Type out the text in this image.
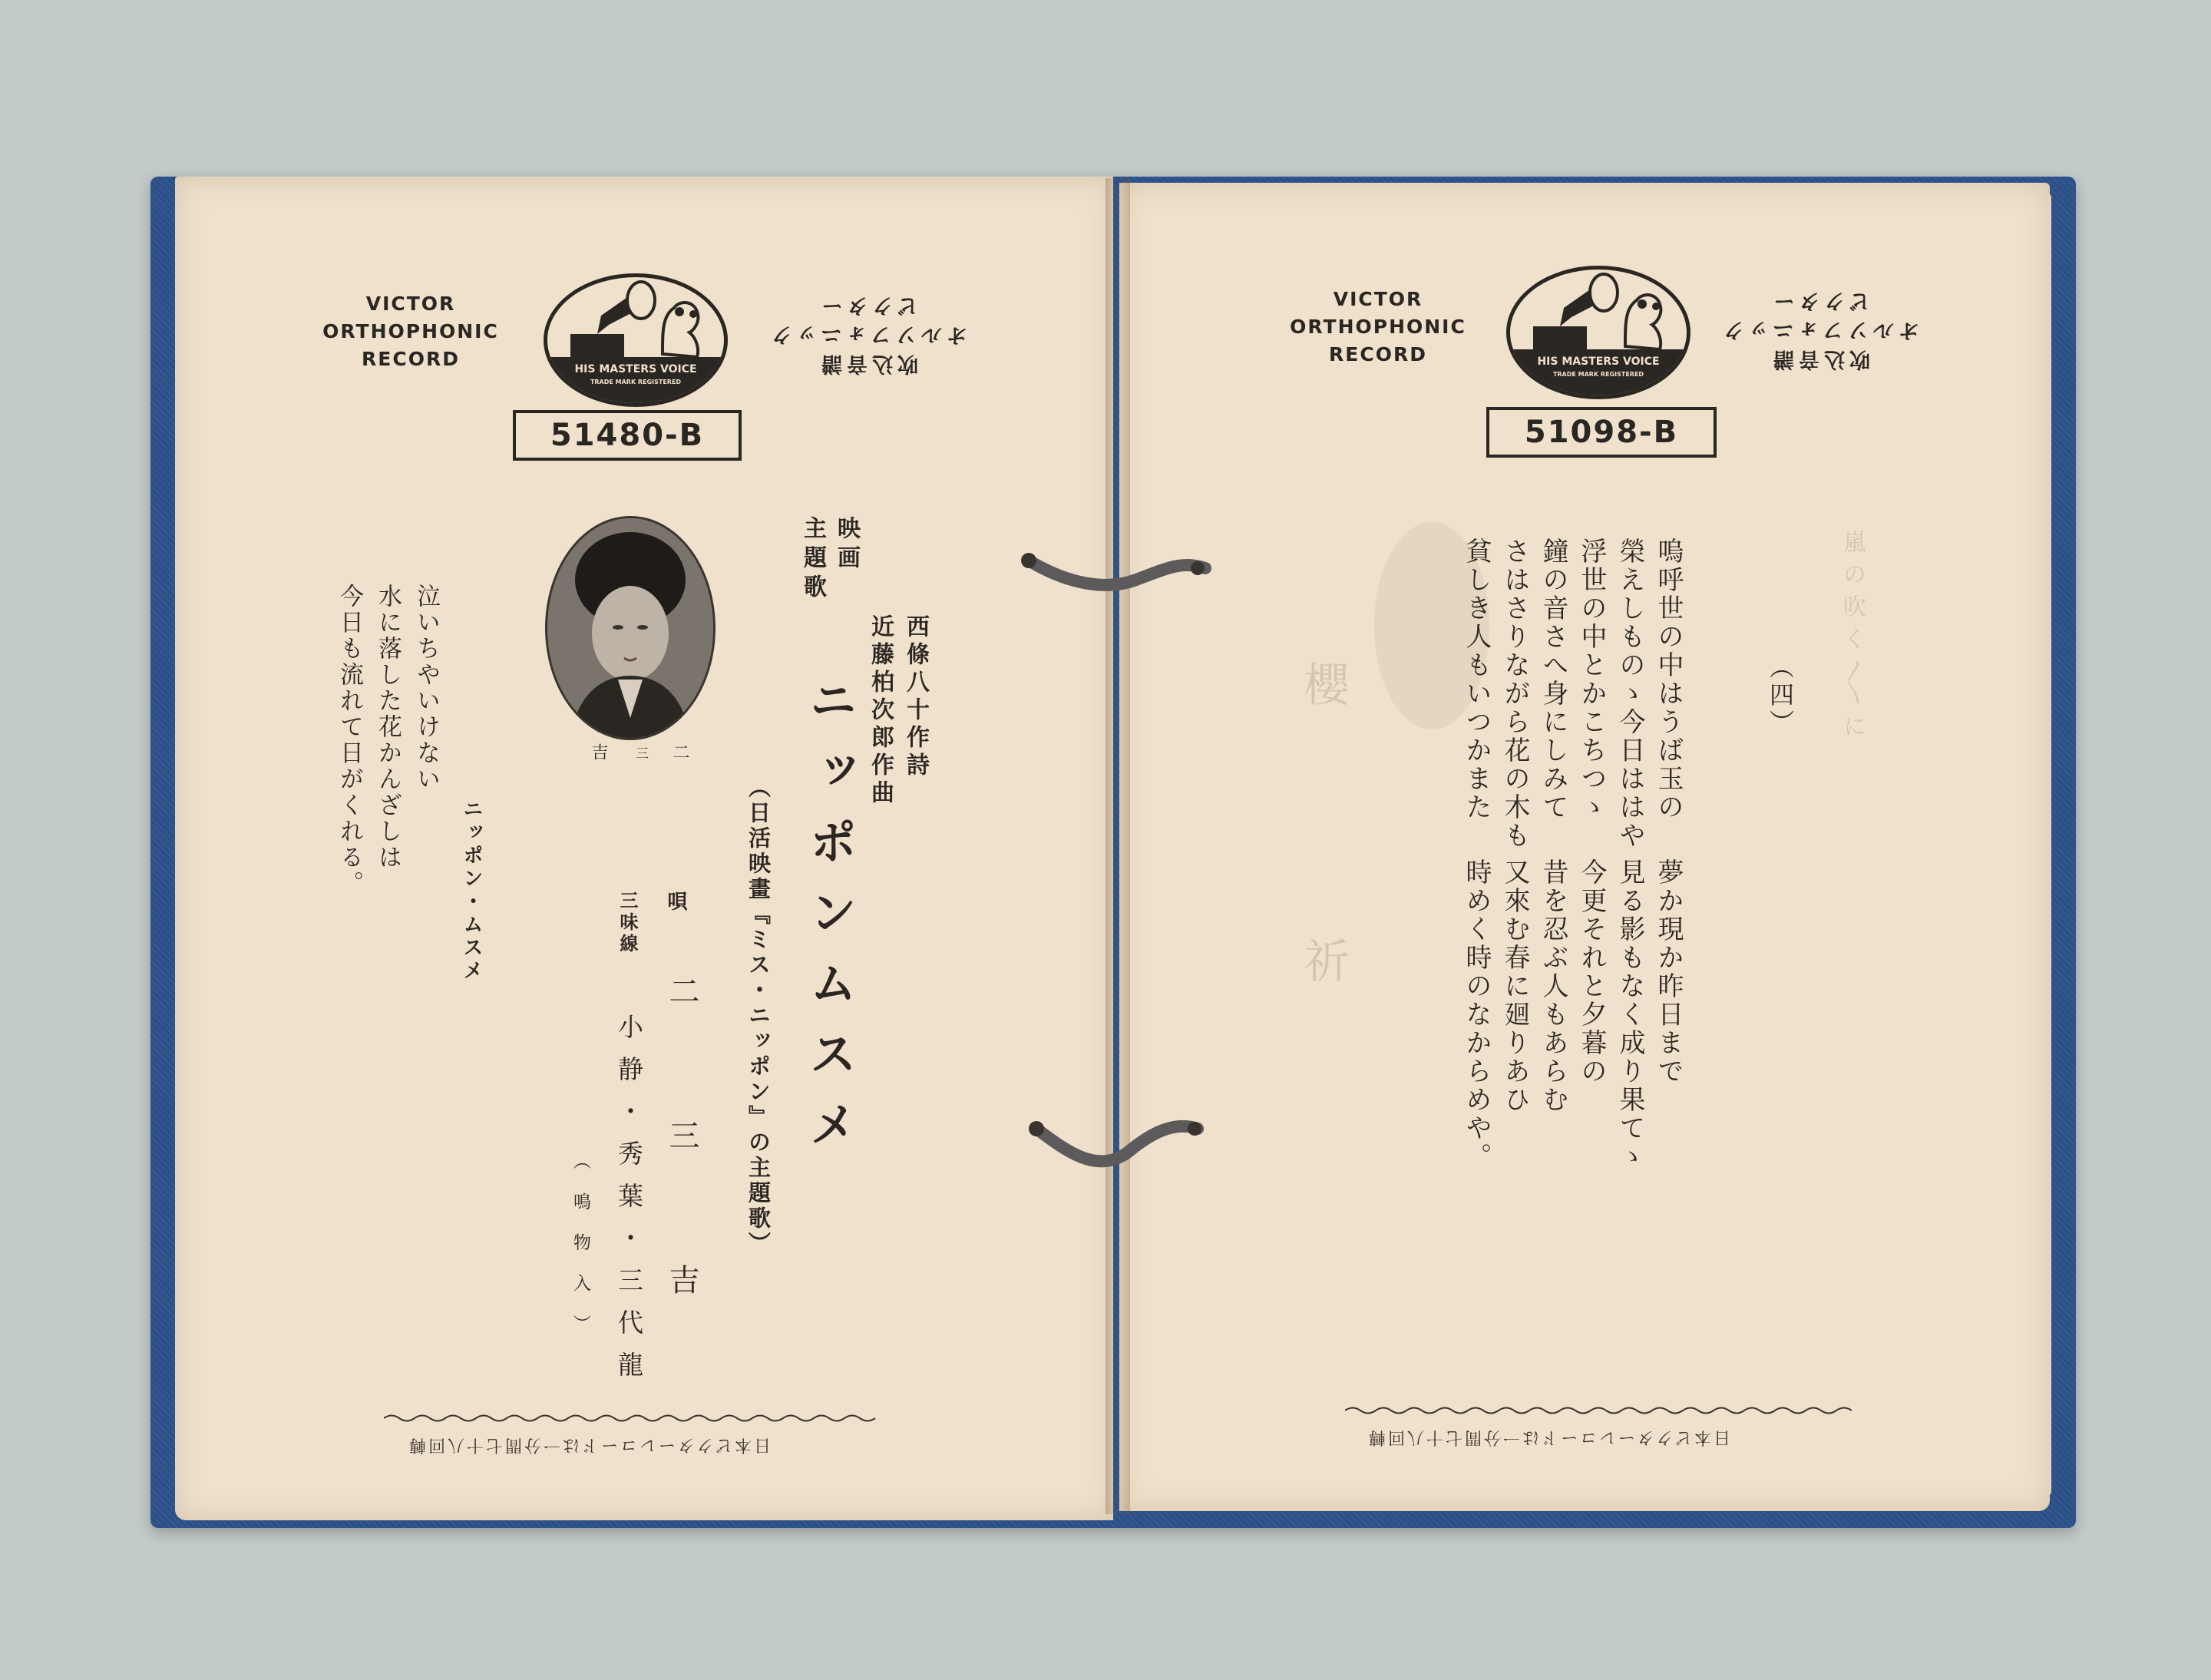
VICTOR
ORTHOPHONIC
RECORD	HIS MASTERS VOICE
TRADE MARK REGISTERED
吹込音譜
オルソフォニック
ビクター
51480-B
映画
主題歌
西條八十作詩
近藤柏次郎作曲
ニッポンムスメ
（日活映畫『ミス・ニッポン』の主題歌）
唄
二　三　吉
三味線
小静・秀葉・三代龍
（鳴物入）
二
三
吉
ニッポン・ムスメ
泣いちやいけない
水に落した花かんざしは
今日も流れて日がくれる。
日本ビクターレコードは一分間七十八回轉
VICTOR
ORTHOPHONIC
RECORD	HIS MASTERS VOICE
TRADE MARK REGISTERED
吹込音譜
オルソフォニック
ビクター
51098-B
嵐の吹く〳〵に
櫻
祈
（四）
嗚呼世の中はうば玉の
榮えしものゝ今日ははや
浮世の中とかこちつゝ
鐘の音さへ身にしみて
さはさりながら花の木も
貧しき人もいつかまた
夢か現か昨日まで
見る影もなく成り果てゝ
今更それと夕暮の
昔を忍ぶ人もあらむ
又來む春に廻りあひ
時めく時のなからめや。
日本ビクターレコードは一分間七十八回轉
